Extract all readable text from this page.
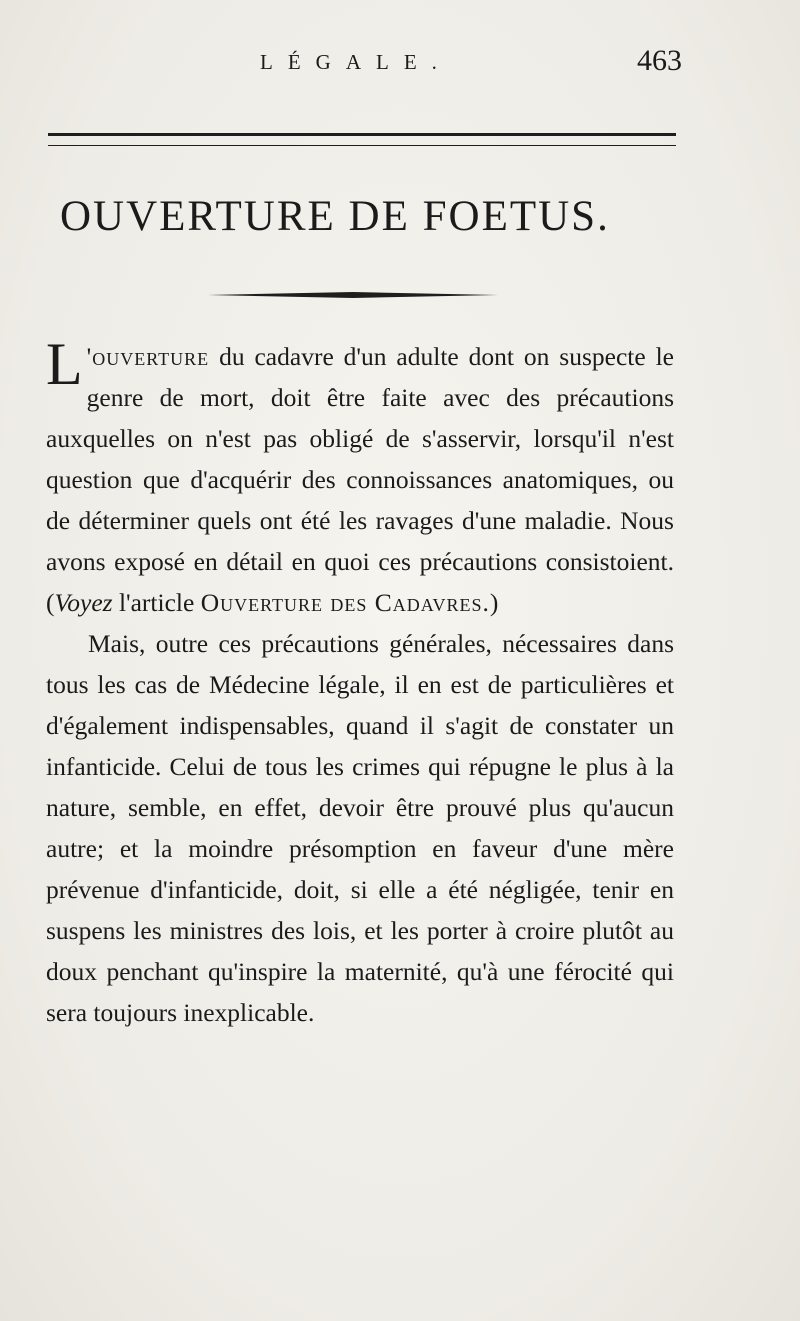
LÉGALE.	463
OUVERTURE DE FOETUS.

L 'ouverture du cadavre d'un adulte dont on suspecte le genre de mort, doit être faite avec des précautions auxquelles on n'est pas obligé de s'asservir, lorsqu'il n'est question que d'acquérir des connoissances anatomiques, ou de déterminer quels ont été les ravages d'une maladie. Nous avons exposé en détail en quoi ces précautions consistoient. (Voyez l'article Ouverture des Cadavres.)

Mais, outre ces précautions générales, nécessaires dans tous les cas de Médecine légale, il en est de particulières et d'également indispensables, quand il s'agit de constater un infanticide. Celui de tous les crimes qui répugne le plus à la nature, semble, en effet, devoir être prouvé plus qu'aucun autre; et la moindre présomption en faveur d'une mère prévenue d'infanticide, doit, si elle a été négligée, tenir en suspens les ministres des lois, et les porter à croire plutôt au doux penchant qu'inspire la maternité, qu'à une férocité qui sera toujours inexplicable.
